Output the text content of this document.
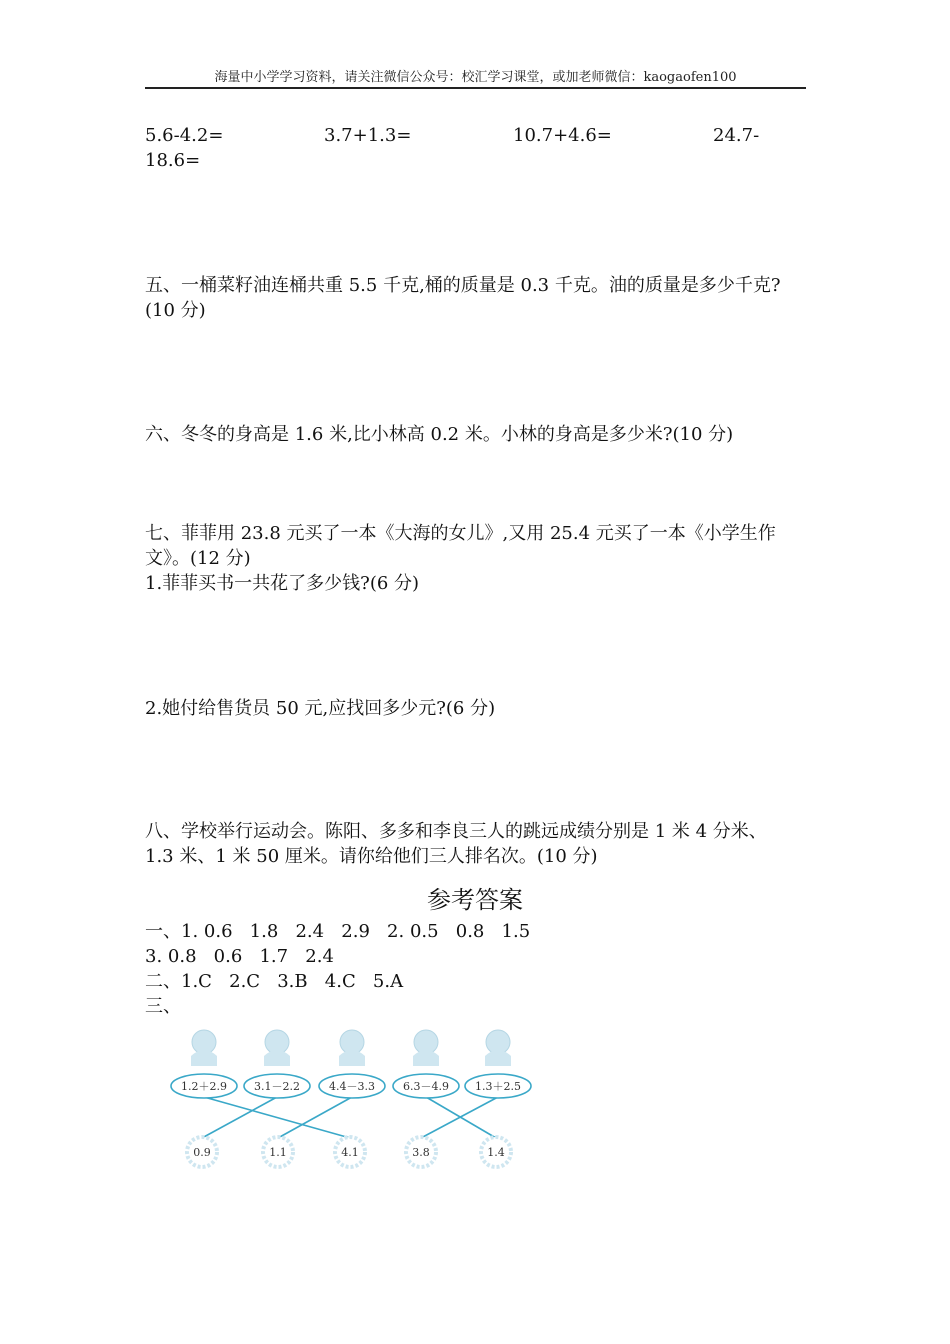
海量中小学学习资料，请关注微信公众号：校汇学习课堂，或加老师微信：kaogaofen100
5.6-4.2=	3.7+1.3=	10.7+4.6=	24.7-
18.6=
五、一桶菜籽油连桶共重 5.5 千克,桶的质量是 0.3 千克。油的质量是多少千克?
(10 分)
六、冬冬的身高是 1.6 米,比小林高 0.2 米。小林的身高是多少米?(10 分)
七、菲菲用 23.8 元买了一本《大海的女儿》,又用 25.4 元买了一本《小学生作
文》。(12 分)
1.菲菲买书一共花了多少钱?(6 分)
2.她付给售货员 50 元,应找回多少元?(6 分)
八、学校举行运动会。陈阳、多多和李良三人的跳远成绩分别是 1 米 4 分米、
1.3 米、1 米 50 厘米。请你给他们三人排名次。(10 分)
参考答案
一、1. 0.6   1.8   2.4   2.9   2. 0.5   0.8   1.5
3. 0.8   0.6   1.7   2.4
二、1.C   2.C   3.B   4.C   5.A
三、
1.2＋2.9 3.1－2.2	4.4－3.3	6.3－4.9 1.3＋2.5
0.9	1.1	4.1	3.8	1.4
